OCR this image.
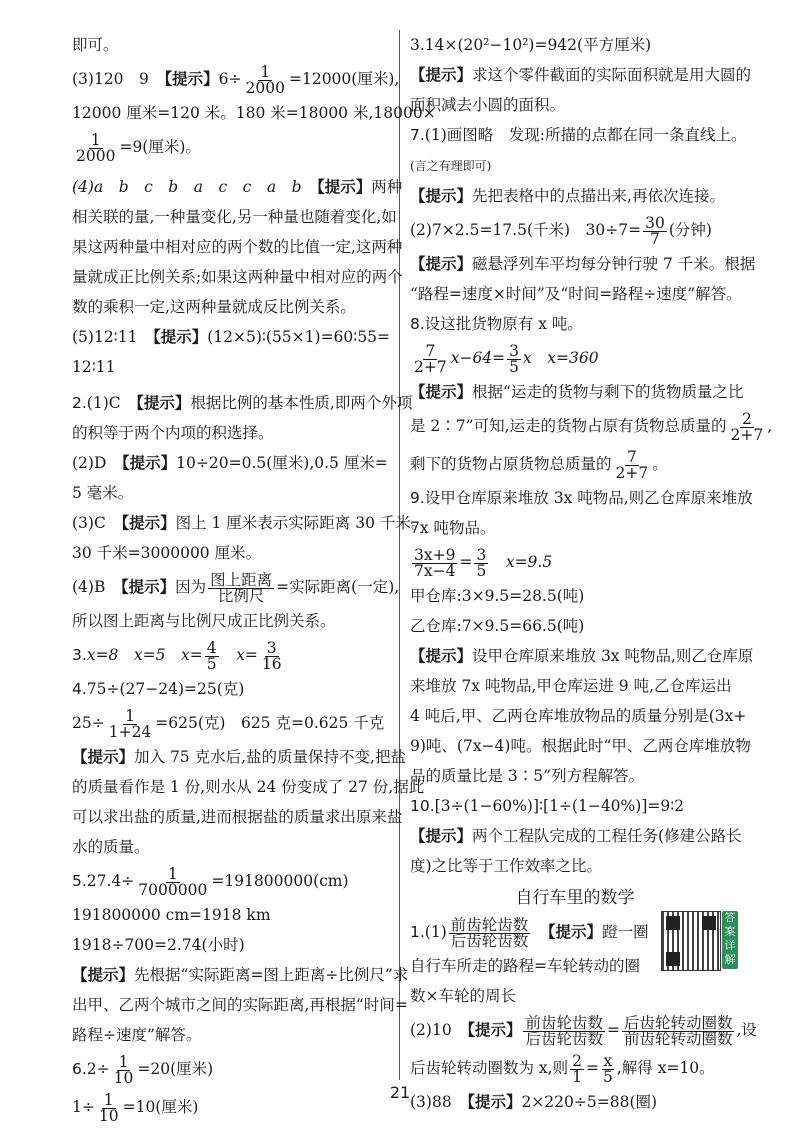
即可。
(3)120　9　【提示】$6\div \frac{1}{2000} =12000$(厘米),
12000 厘米=120 米。180 米=18000 米,18000×
$\frac{1}{2000} =9$(厘米)。
(4)a　b　c　b　a　c　c　a　b　【提示】两种
相关联的量,一种量变化,另一种量也随着变化,如
果这两种量中相对应的两个数的比值一定,这两种
量就成正比例关系;如果这两种量中相对应的两个
数的乘积一定,这两种量就成反比例关系。
(5)12∶11　【提示】(12×5)∶(55×1)=60∶55=
12∶11
2.(1)C　【提示】根据比例的基本性质,即两个外项
的积等于两个内项的积选择。
(2)D　【提示】10÷20=0.5(厘米),0.5 厘米=
5 毫米。
(3)C　【提示】图上 1 厘米表示实际距离 30 千米。
30 千米=3000000 厘米。
(4)B　【提示】因为 $\frac{\text{图上距离}}{\text{比例尺}}$ =实际距离(一定),
所以图上距离与比例尺成正比例关系。
3.x=8　x=5　$x= \frac{4}{5}$ 　$x= \frac{3}{16}$
4.75÷(27−24)=25(克)
$25\div \frac{1}{1+24} =625$(克)　625 克=0.625 千克
【提示】加入 75 克水后,盐的质量保持不变,把盐
的质量看作是 1 份,则水从 24 份变成了 27 份,据此
可以求出盐的质量,进而根据盐的质量求出原来盐
水的质量。
$5.27.4\div \frac{1}{7000000} =191800000(cm)$
191800000 cm=1918 km
1918÷700=2.74(小时)
【提示】先根据“实际距离=图上距离÷比例尺”求
出甲、乙两个城市之间的实际距离,再根据“时间=
路程÷速度”解答。
$6.2\div \frac{1}{10} =20$(厘米)
$1\div \frac{1}{10} =10$(厘米)
3.14×(20²−10²)=942(平方厘米)
【提示】求这个零件截面的实际面积就是用大圆的
面积减去小圆的面积。
7.(1)画图略　发现:所描的点都在同一条直线上。
(言之有理即可)
【提示】先把表格中的点描出来,再依次连接。
(2)7×2.5=17.5(千米)　$30\div 7= \frac{30}{7}$ (分钟)
【提示】磁悬浮列车平均每分钟行驶 7 千米。根据
“路程=速度×时间”及“时间=路程÷速度”解答。
8.设这批货物原有 x 吨。
$\frac{7}{2+7} x-64= \frac{3}{5}$ x　x=360
【提示】根据“运走的货物与剩下的货物质量之比
是 2∶7”可知,运走的货物占原有货物总质量的 $\frac{2}{2+7}$ ,
剩下的货物占原货物总质量的 $\frac{7}{2+7}$ 。
9.设甲仓库原来堆放 3x 吨物品,则乙仓库原来堆放
7x 吨物品。
$\frac{3x+9}{7x-4} = \frac{3}{5}$ 　x=9.5
甲仓库:3×9.5=28.5(吨)
乙仓库:7×9.5=66.5(吨)
【提示】设甲仓库原来堆放 3x 吨物品,则乙仓库原
来堆放 7x 吨物品,甲仓库运进 9 吨,乙仓库运出
4 吨后,甲、乙两仓库堆放物品的质量分别是(3x+
9)吨、(7x−4)吨。根据此时“甲、乙两仓库堆放物
品的质量比是 3∶5”列方程解答。
10.[3÷(1−60%)]∶[1÷(1−40%)]=9∶2
【提示】两个工程队完成的工程任务(修建公路长
度)之比等于工作效率之比。
自行车里的数学
答案详解
$1.(1) \frac{\text{前齿轮齿数}}{\text{后齿轮齿数}}$
　 【提示】蹬一圈
自行车所走的路程=车轮转动的圈
数×车轮的周长
(2)10　【提示】 $\frac{\text{前齿轮齿数}}{\text{后齿轮齿数}} = \frac{\text{后齿轮转动圈数}}{\text{前齿轮转动圈数}}$ ,设
后齿轮转动圈数为 x,则 $\frac{2}{1} = \frac{x}{5}$ ,解得 x=10。
(3)88　【提示】2×220÷5=88(圈)
21
